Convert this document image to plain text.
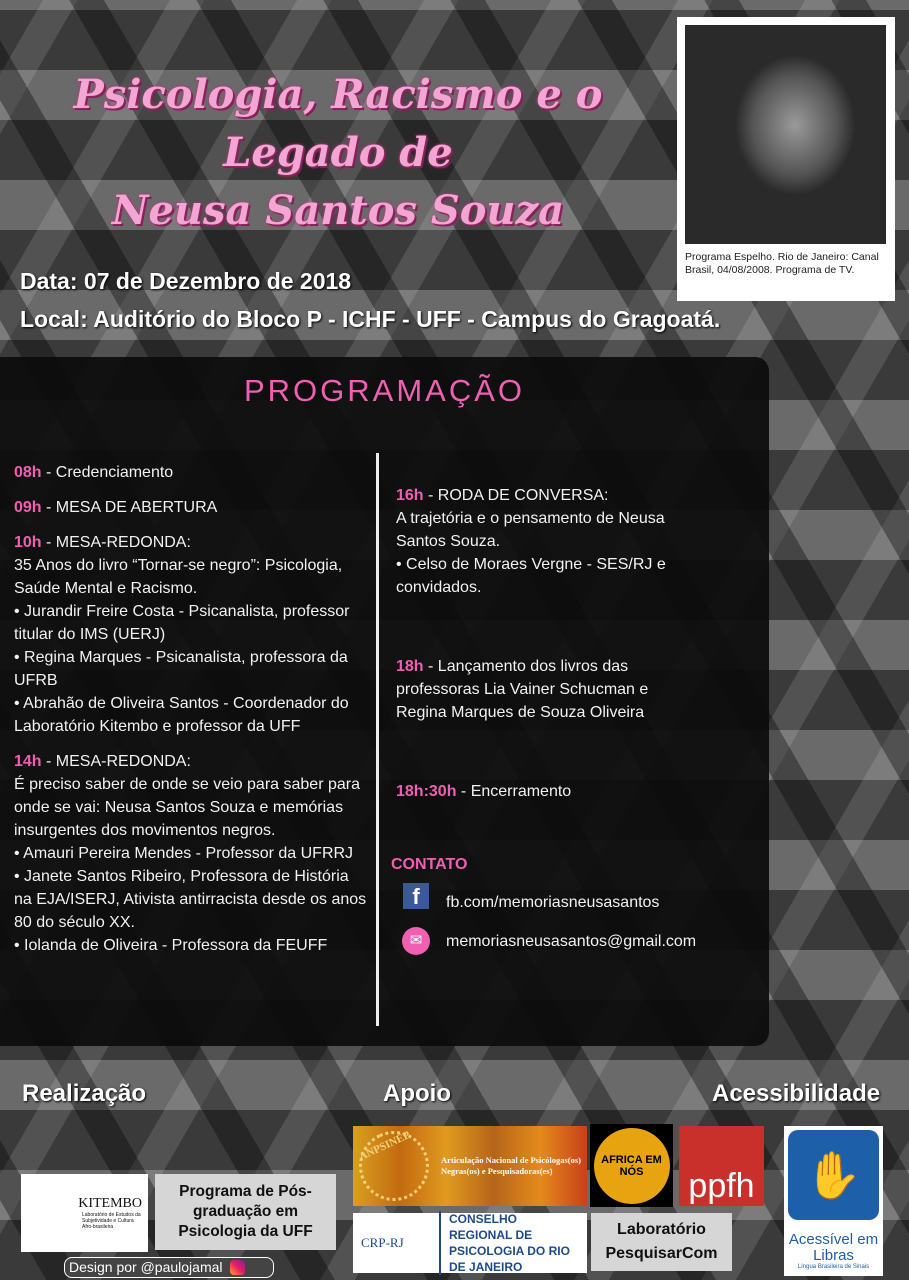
Psicologia, Racismo e o Legado de
Neusa Santos Souza
Programa Espelho. Rio de Janeiro: Canal Brasil, 04/08/2008. Programa de TV.
Data: 07 de Dezembro de 2018
Local: Auditório do Bloco P - ICHF - UFF - Campus do Gragoatá.
PROGRAMAÇÃO

08h - Credenciamento

09h - MESA DE ABERTURA

10h - MESA-REDONDA:
35 Anos do livro “Tornar-se negro”: Psicologia, Saúde Mental e Racismo.
• Jurandir Freire Costa - Psicanalista, professor titular do IMS (UERJ)
• Regina Marques - Psicanalista, professora da UFRB
• Abrahão de Oliveira Santos - Coordenador do Laboratório Kitembo e professor da UFF

14h - MESA-REDONDA:
É preciso saber de onde se veio para saber para onde se vai: Neusa Santos Souza e memórias insurgentes dos movimentos negros.
• Amauri Pereira Mendes - Professor da UFRRJ
• Janete Santos Ribeiro, Professora de História na EJA/ISERJ, Ativista antirracista desde os anos 80 do século XX.
• Iolanda de Oliveira - Professora da FEUFF

16h - RODA DE CONVERSA:
A trajetória e o pensamento de Neusa Santos Souza.
• Celso de Moraes Vergne - SES/RJ e convidados.

18h - Lançamento dos livros das professoras Lia Vainer Schucman e Regina Marques de Souza Oliveira

18h:30h - Encerramento

CONTATO
f	fb.com/memoriasneusasantos
✉	memoriasneusasantos@gmail.com
Realização	Apoio	Acessibilidade
KITEMBO
Laboratório de Estudos da Subjetividade e Cultura Afro-brasileira
Programa de Pós-graduação em Psicologia da UFF
ANPSINEP	Articulação Nacional de Psicólogas(os) Negras(os) e Pesquisadoras(es)
AFRICA EM NÓS	ppfh
CRP-RJ
CONSELHO REGIONAL DE PSICOLOGIA DO RIO DE JANEIRO
Laboratório PesquisarCom
✋
Acessível em Libras
Língua Brasileira de Sinais
Design por @paulojamal
